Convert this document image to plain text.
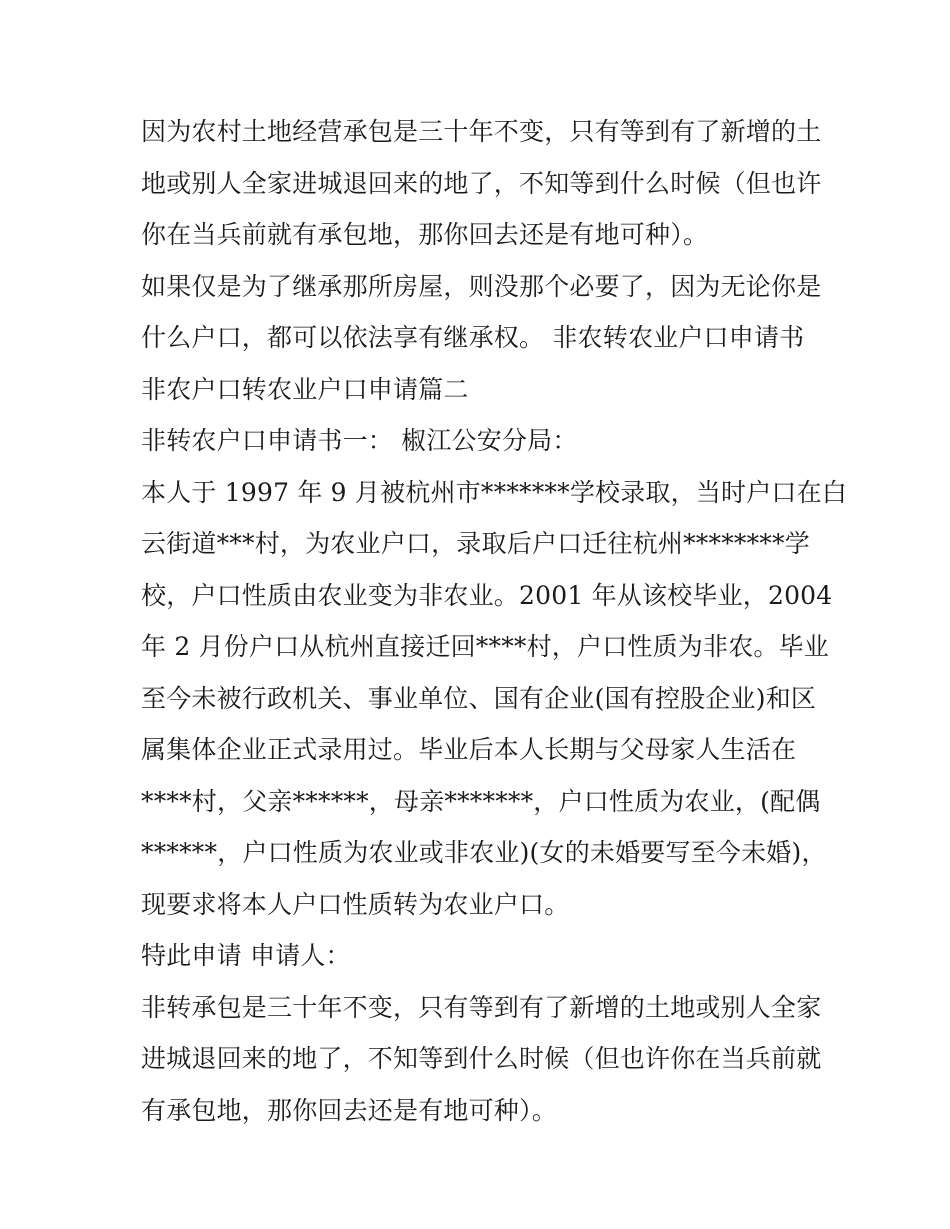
因为农村土地经营承包是三十年不变，只有等到有了新增的土
地或别人全家进城退回来的地了，不知等到什么时候（但也许
你在当兵前就有承包地，那你回去还是有地可种）。
如果仅是为了继承那所房屋，则没那个必要了，因为无论你是
什么户口，都可以依法享有继承权。 非农转农业户口申请书
非农户口转农业户口申请篇二
非转农户口申请书一： 椒江公安分局：
本人于 1997 年 9 月被杭州市*******学校录取，当时户口在白
云街道***村，为农业户口，录取后户口迁往杭州********学
校，户口性质由农业变为非农业。2001 年从该校毕业，2004
年 2 月份户口从杭州直接迁回****村，户口性质为非农。毕业
至今未被行政机关、事业单位、国有企业(国有控股企业)和区
属集体企业正式录用过。毕业后本人长期与父母家人生活在
****村，父亲******，母亲*******，户口性质为农业，(配偶
******，户口性质为农业或非农业)(女的未婚要写至今未婚)，
现要求将本人户口性质转为农业户口。
特此申请 申请人：
非转承包是三十年不变，只有等到有了新增的土地或别人全家
进城退回来的地了，不知等到什么时候（但也许你在当兵前就
有承包地，那你回去还是有地可种）。
